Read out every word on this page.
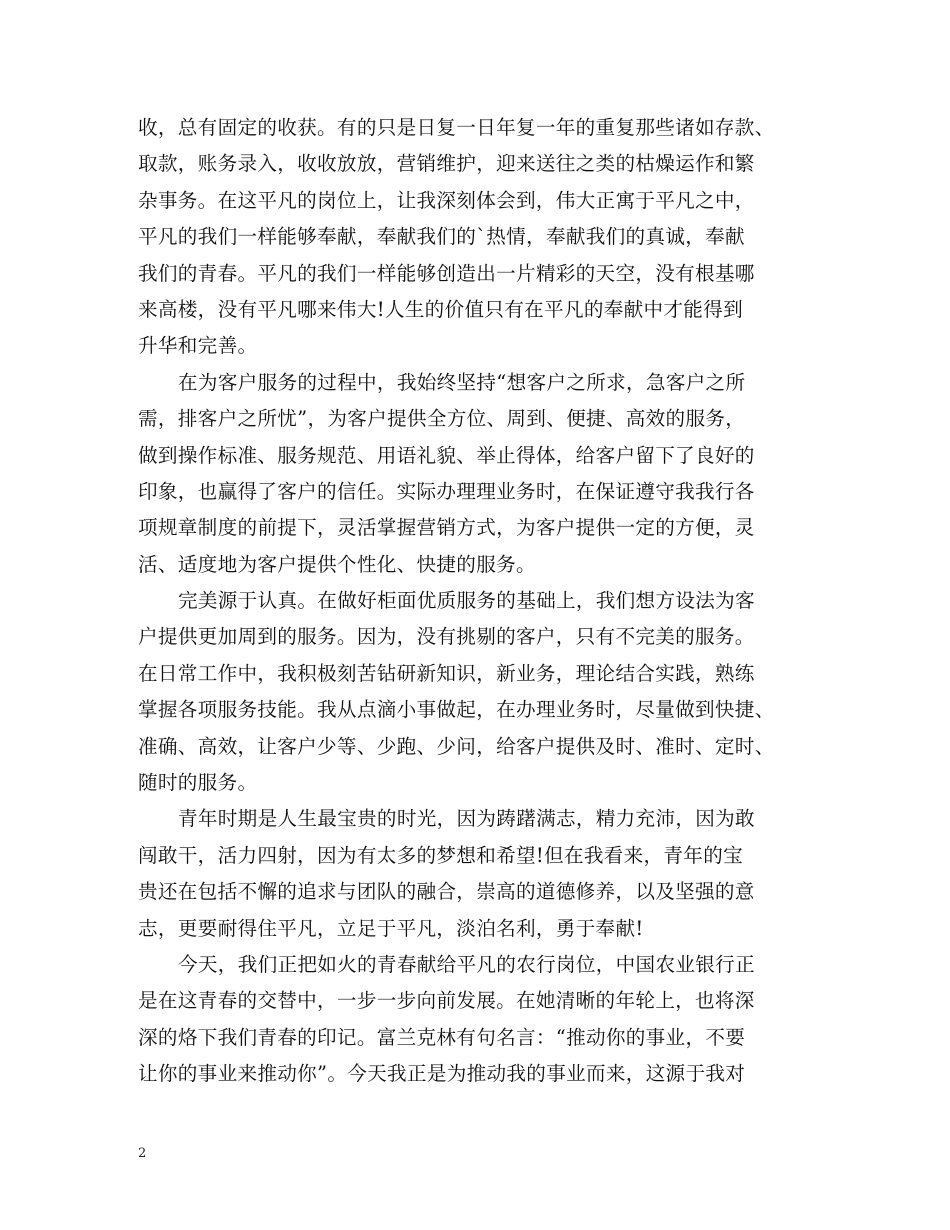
收，总有固定的收获。有的只是日复一日年复一年的重复那些诸如存款、
取款，账务录入，收收放放，营销维护，迎来送往之类的枯燥运作和繁
杂事务。在这平凡的岗位上，让我深刻体会到，伟大正寓于平凡之中，
平凡的我们一样能够奉献，奉献我们的`热情，奉献我们的真诚，奉献
我们的青春。平凡的我们一样能够创造出一片精彩的天空，没有根基哪
来高楼，没有平凡哪来伟大!人生的价值只有在平凡的奉献中才能得到
升华和完善。
在为客户服务的过程中，我始终坚持“想客户之所求，急客户之所
需，排客户之所忧”，为客户提供全方位、周到、便捷、高效的服务，
做到操作标准、服务规范、用语礼貌、举止得体，给客户留下了良好的
印象，也赢得了客户的信任。实际办理理业务时，在保证遵守我我行各
项规章制度的前提下，灵活掌握营销方式，为客户提供一定的方便，灵
活、适度地为客户提供个性化、快捷的服务。
完美源于认真。在做好柜面优质服务的基础上，我们想方设法为客
户提供更加周到的服务。因为，没有挑剔的客户，只有不完美的服务。
在日常工作中，我积极刻苦钻研新知识，新业务，理论结合实践，熟练
掌握各项服务技能。我从点滴小事做起，在办理业务时，尽量做到快捷、
准确、高效，让客户少等、少跑、少问，给客户提供及时、准时、定时、
随时的服务。
青年时期是人生最宝贵的时光，因为踌躇满志，精力充沛，因为敢
闯敢干，活力四射，因为有太多的梦想和希望!但在我看来，青年的宝
贵还在包括不懈的追求与团队的融合，崇高的道德修养，以及坚强的意
志，更要耐得住平凡，立足于平凡，淡泊名利，勇于奉献!
今天，我们正把如火的青春献给平凡的农行岗位，中国农业银行正
是在这青春的交替中，一步一步向前发展。在她清晰的年轮上，也将深
深的烙下我们青春的印记。富兰克林有句名言：“推动你的事业，不要
让你的事业来推动你”。今天我正是为推动我的事业而来，这源于我对
2
